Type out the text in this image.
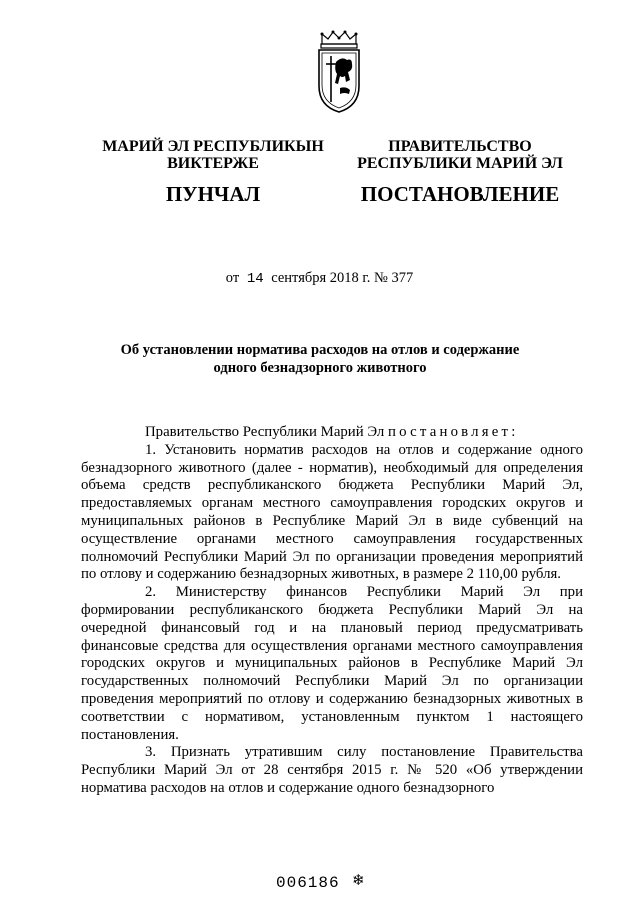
МАРИЙ ЭЛ РЕСПУБЛИКЫН
ВИКТЕРЖЕ
ПУНЧАЛ
ПРАВИТЕЛЬСТВО
РЕСПУБЛИКИ МАРИЙ ЭЛ
ПОСТАНОВЛЕНИЕ
от 14 сентября 2018 г. № 377
Об установлении норматива расходов на отлов и содержание
одного безнадзорного животного

Правительство Республики Марий Эл постановляет:

1. Установить норматив расходов на отлов и содержание одного безнадзорного животного (далее - норматив), необходимый для определения объема средств республиканского бюджета Республики Марий Эл, предоставляемых органам местного самоуправления городских округов и муниципальных районов в Республике Марий Эл в виде субвенций на осуществление органами местного самоуправления государственных полномочий Республики Марий Эл по организации проведения мероприятий по отлову и содержанию безнадзорных животных, в размере 2 110,00 рубля.

2. Министерству финансов Республики Марий Эл при формировании республиканского бюджета Республики Марий Эл на очередной финансовый год и на плановый период предусматривать финансовые средства для осуществления органами местного самоуправления городских округов и муниципальных районов в Республике Марий Эл государственных полномочий Республики Марий Эл по организации проведения мероприятий по отлову и содержанию безнадзорных животных в соответствии с нормативом, установленным пунктом 1 настоящего постановления.

3. Признать утратившим силу постановление Правительства Республики Марий Эл от 28 сентября 2015 г. № 520 «Об утверждении норматива расходов на отлов и содержание одного безнадзорного

006186 ❄
